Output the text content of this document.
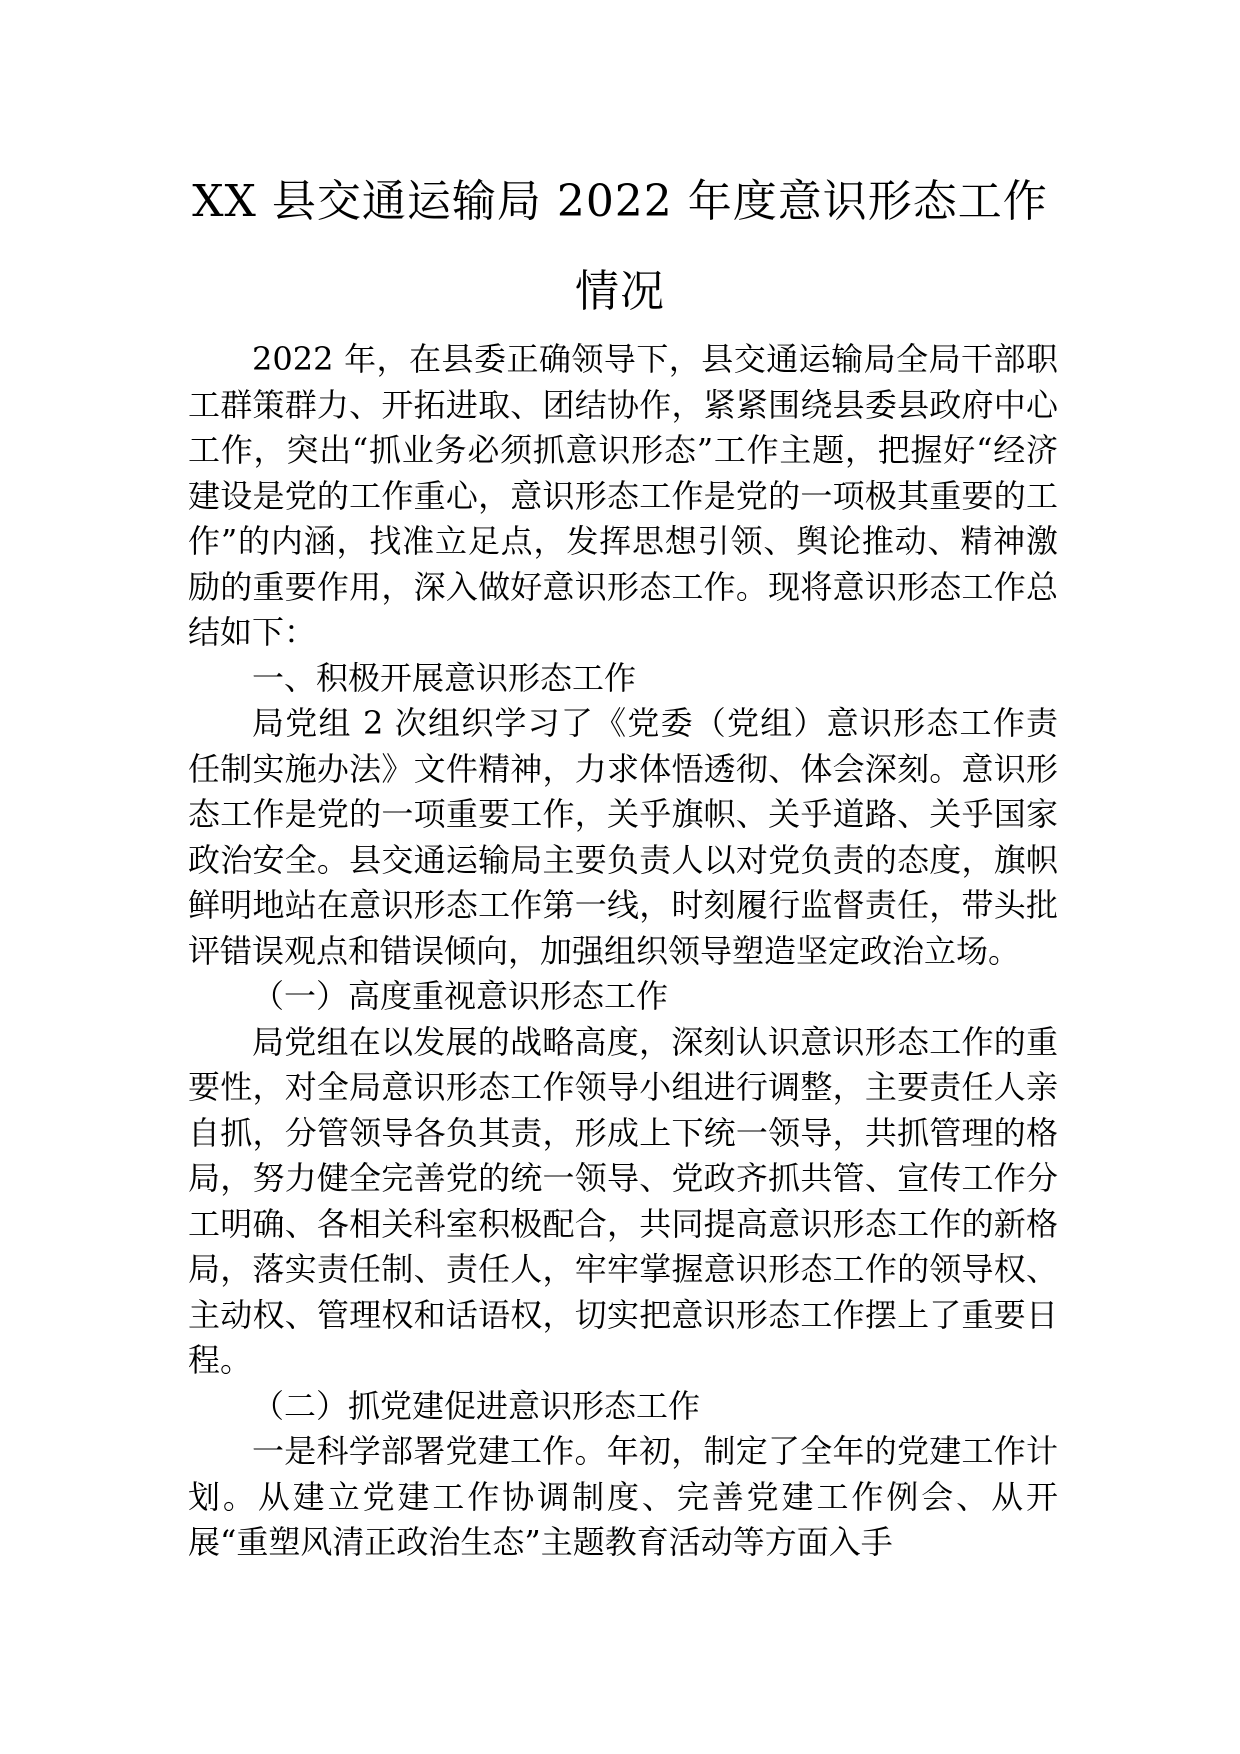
XX 县交通运输局 2022 年度意识形态工作
情况

2022 年，在县委正确领导下，县交通运输局全局干部职工群策群力、开拓进取、团结协作，紧紧围绕县委县政府中心工作，突出“抓业务必须抓意识形态”工作主题，把握好“经济建设是党的工作重心，意识形态工作是党的一项极其重要的工作”的内涵，找准立足点，发挥思想引领、舆论推动、精神激励的重要作用，深入做好意识形态工作。现将意识形态工作总结如下：

一、积极开展意识形态工作

局党组 2 次组织学习了《党委（党组）意识形态工作责任制实施办法》文件精神，力求体悟透彻、体会深刻。意识形态工作是党的一项重要工作，关乎旗帜、关乎道路、关乎国家政治安全。县交通运输局主要负责人以对党负责的态度，旗帜鲜明地站在意识形态工作第一线，时刻履行监督责任，带头批评错误观点和错误倾向，加强组织领导塑造坚定政治立场。

（一）高度重视意识形态工作

局党组在以发展的战略高度，深刻认识意识形态工作的重要性，对全局意识形态工作领导小组进行调整，主要责任人亲自抓，分管领导各负其责，形成上下统一领导，共抓管理的格局，努力健全完善党的统一领导、党政齐抓共管、宣传工作分工明确、各相关科室积极配合，共同提高意识形态工作的新格局，落实责任制、责任人，牢牢掌握意识形态工作的领导权、主动权、管理权和话语权，切实把意识形态工作摆上了重要日程。

（二）抓党建促进意识形态工作

一是科学部署党建工作。年初，制定了全年的党建工作计划。从建立党建工作协调制度、完善党建工作例会、从开展“重塑风清正政治生态”主题教育活动等方面入手
